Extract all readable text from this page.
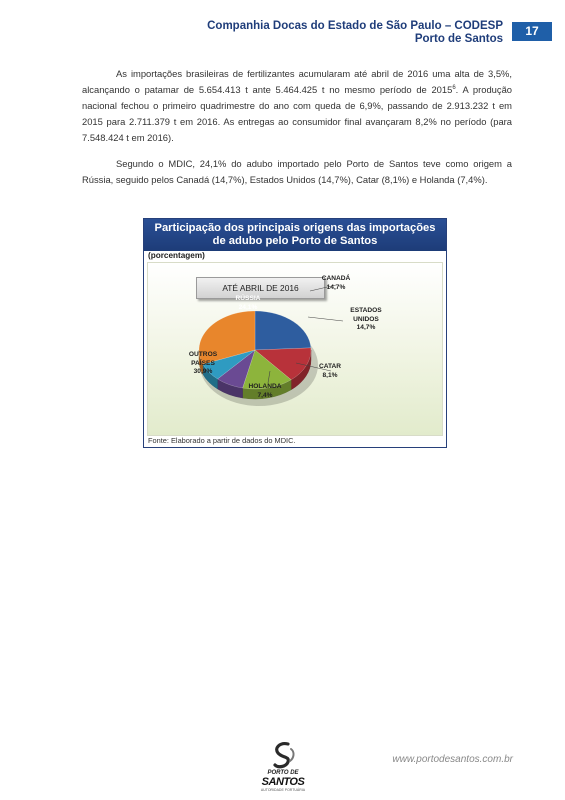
Companhia Docas do Estado de São Paulo – CODESP
Porto de Santos
17
As importações brasileiras de fertilizantes acumularam até abril de 2016 uma alta de 3,5%, alcançando o patamar de 5.654.413 t ante 5.464.425 t no mesmo período de 2015$^6$. A produção nacional fechou o primeiro quadrimestre do ano com queda de 6,9%, passando de 2.913.232 t em 2015 para 2.711.379 t em 2016. As entregas ao consumidor final avançaram 8,2% no período (para 7.548.424 t em 2016).
Segundo o MDIC, 24,1% do adubo importado pelo Porto de Santos teve como origem a Rússia, seguido pelos Canadá (14,7%), Estados Unidos (14,7%), Catar (8,1%) e Holanda (7,4%).
Participação dos principais origens das importações
de adubo pelo Porto de Santos
(porcentagem)
ATÉ ABRIL DE 2016
RÚSSIA
24,1%
CANADÁ
14,7%
ESTADOS
UNIDOS
14,7%
CATAR
8,1%
HOLANDA
7,4%
OUTROS
PAÍSES
30,9%
Fonte: Elaborado a partir de dados do MDIC.
PORTO DE
SANTOS
AUTORIDADE PORTUÁRIA
www.portodesantos.com.br
